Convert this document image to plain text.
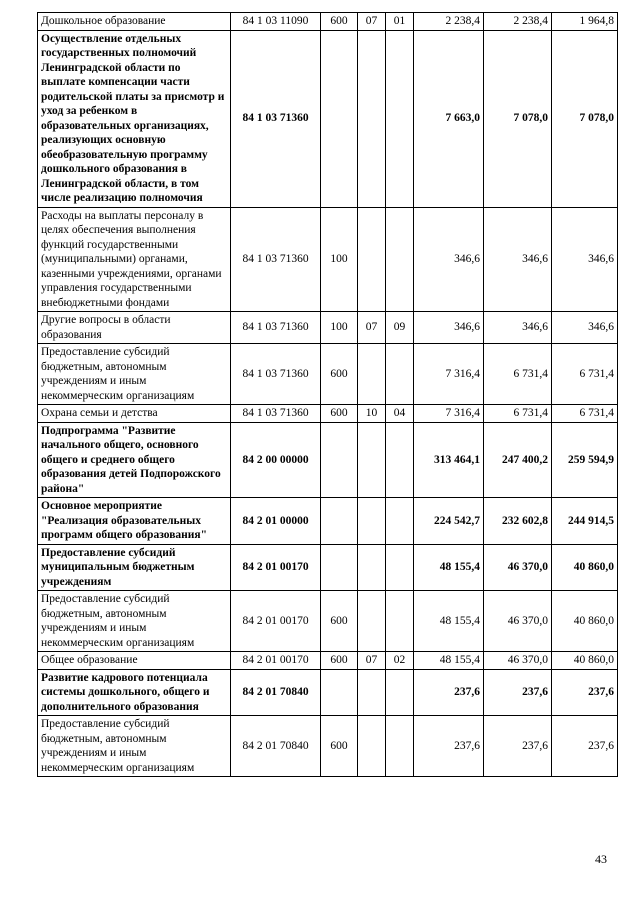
Дошкольное образование	84 1 03 11090	600	07	01	2 238,4	2 238,4	1 964,8
Осуществление отдельных государственных полномочий Ленинградской области по выплате компенсации части родительской платы за присмотр и уход за ребенком в образовательных организациях, реализующих основную обеобразовательную программу дошкольного образования в Ленинградской области, в том числе реализацию полномочия	84 1 03 71360				7 663,0	7 078,0	7 078,0
Расходы на выплаты персоналу в целях обеспечения выполнения функций государственными (муниципальными) органами, казенными учреждениями, органами управления государственными внебюджетными фондами	84 1 03 71360	100			346,6	346,6	346,6
Другие вопросы в области образования	84 1 03 71360	100	07	09	346,6	346,6	346,6
Предоставление субсидий бюджетным, автономным учреждениям и иным некоммерческим организациям	84 1 03 71360	600			7 316,4	6 731,4	6 731,4
Охрана семьи и детства	84 1 03 71360	600	10	04	7 316,4	6 731,4	6 731,4
Подпрограмма "Развитие начального общего, основного общего и среднего общего образования детей Подпорожского района"	84 2 00 00000				313 464,1	247 400,2	259 594,9
Основное мероприятие "Реализация образовательных программ общего образования"	84 2 01 00000				224 542,7	232 602,8	244 914,5
Предоставление субсидий муниципальным бюджетным учреждениям	84 2 01 00170				48 155,4	46 370,0	40 860,0
Предоставление субсидий бюджетным, автономным учреждениям и иным некоммерческим организациям	84 2 01 00170	600			48 155,4	46 370,0	40 860,0
Общее образование	84 2 01 00170	600	07	02	48 155,4	46 370,0	40 860,0
Развитие кадрового потенциала системы дошкольного, общего и дополнительного образования	84 2 01 70840				237,6	237,6	237,6
Предоставление субсидий бюджетным, автономным учреждениям и иным некоммерческим организациям	84 2 01 70840	600			237,6	237,6	237,6
43
